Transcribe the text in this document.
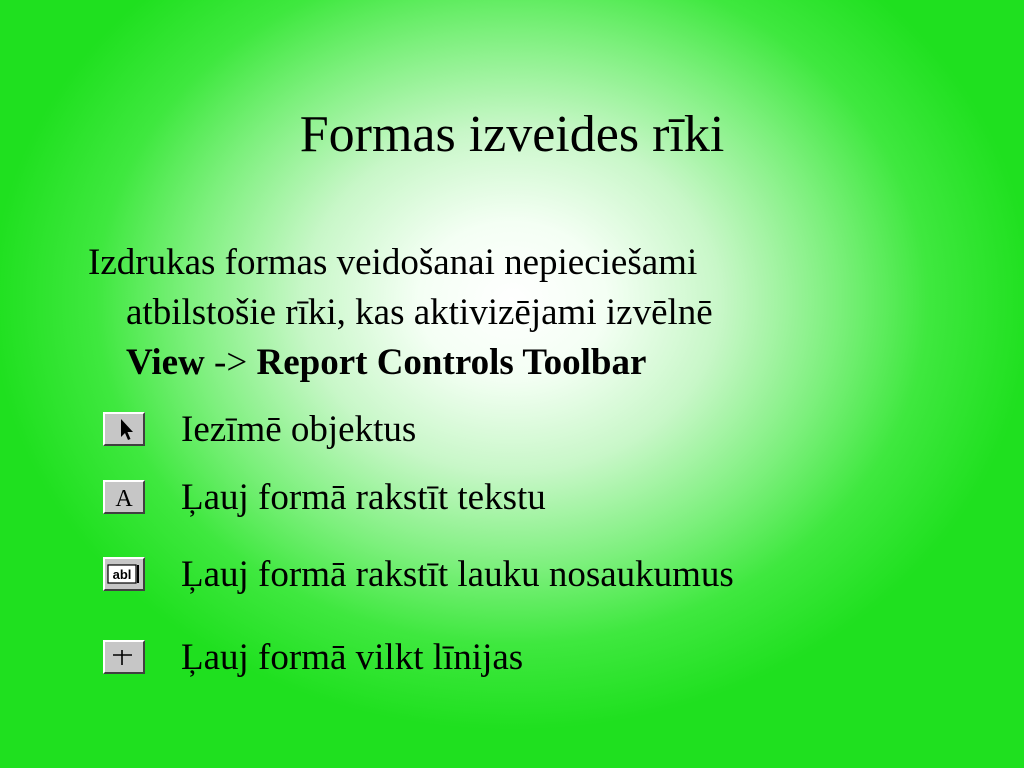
Formas izveides rīki
Izdrukas formas veidošanai nepieciešami
atbilstošie rīki, kas aktivizējami izvēlnē
View -> Report Controls Toolbar
Iezīmē objektus
A Ļauj formā rakstīt tekstu
abl Ļauj formā rakstīt lauku nosaukumus
Ļauj formā vilkt līnijas
